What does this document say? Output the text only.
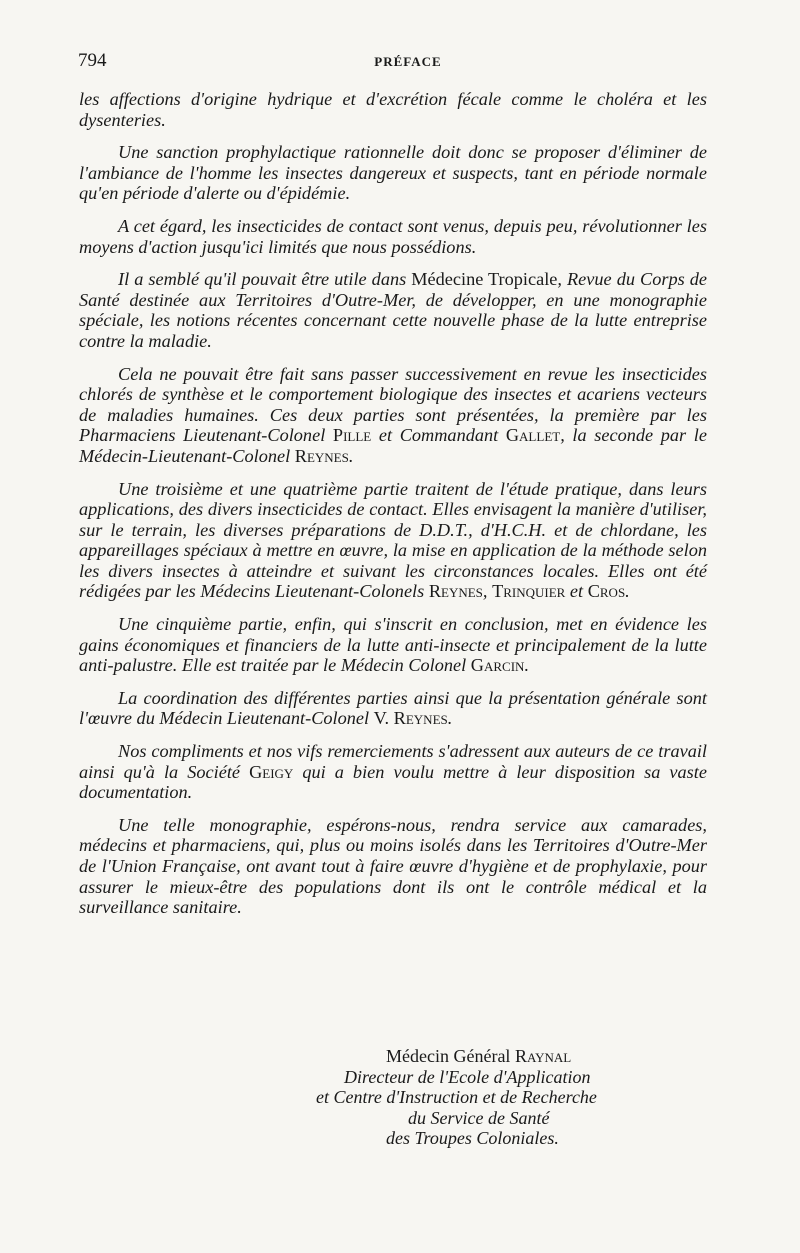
794	PRÉFACE

les affections d'origine hydrique et d'excrétion fécale comme le choléra et les dysenteries.

Une sanction prophylactique rationnelle doit donc se proposer d'éliminer de l'ambiance de l'homme les insectes dangereux et suspects, tant en période normale qu'en période d'alerte ou d'épidémie.

A cet égard, les insecticides de contact sont venus, depuis peu, révolutionner les moyens d'action jusqu'ici limités que nous possédions.

Il a semblé qu'il pouvait être utile dans Médecine Tropicale, Revue du Corps de Santé destinée aux Territoires d'Outre-Mer, de développer, en une monographie spéciale, les notions récentes concernant cette nouvelle phase de la lutte entreprise contre la maladie.

Cela ne pouvait être fait sans passer successivement en revue les insecticides chlorés de synthèse et le comportement biologique des insectes et acariens vecteurs de maladies humaines. Ces deux parties sont présentées, la première par les Pharmaciens Lieutenant-Colonel Pille et Commandant Gallet, la seconde par le Médecin-Lieutenant-Colonel Reynes.

Une troisième et une quatrième partie traitent de l'étude pratique, dans leurs applications, des divers insecticides de contact. Elles envisagent la manière d'utiliser, sur le terrain, les diverses préparations de D.D.T., d'H.C.H. et de chlordane, les appareillages spéciaux à mettre en œuvre, la mise en application de la méthode selon les divers insectes à atteindre et suivant les circonstances locales. Elles ont été rédigées par les Médecins Lieutenant-Colonels Reynes, Trinquier et Cros.

Une cinquième partie, enfin, qui s'inscrit en conclusion, met en évidence les gains économiques et financiers de la lutte anti-insecte et principalement de la lutte anti-palustre. Elle est traitée par le Médecin Colonel Garcin.

La coordination des différentes parties ainsi que la présentation générale sont l'œuvre du Médecin Lieutenant-Colonel V. Reynes.

Nos compliments et nos vifs remerciements s'adressent aux auteurs de ce travail ainsi qu'à la Société Geigy qui a bien voulu mettre à leur disposition sa vaste documentation.

Une telle monographie, espérons-nous, rendra service aux camarades, médecins et pharmaciens, qui, plus ou moins isolés dans les Territoires d'Outre-Mer de l'Union Française, ont avant tout à faire œuvre d'hygiène et de prophylaxie, pour assurer le mieux-être des populations dont ils ont le contrôle médical et la surveillance sanitaire.

Médecin Général Raynal
Directeur de l'Ecole d'Application
et Centre d'Instruction et de Recherche
du Service de Santé
des Troupes Coloniales.
